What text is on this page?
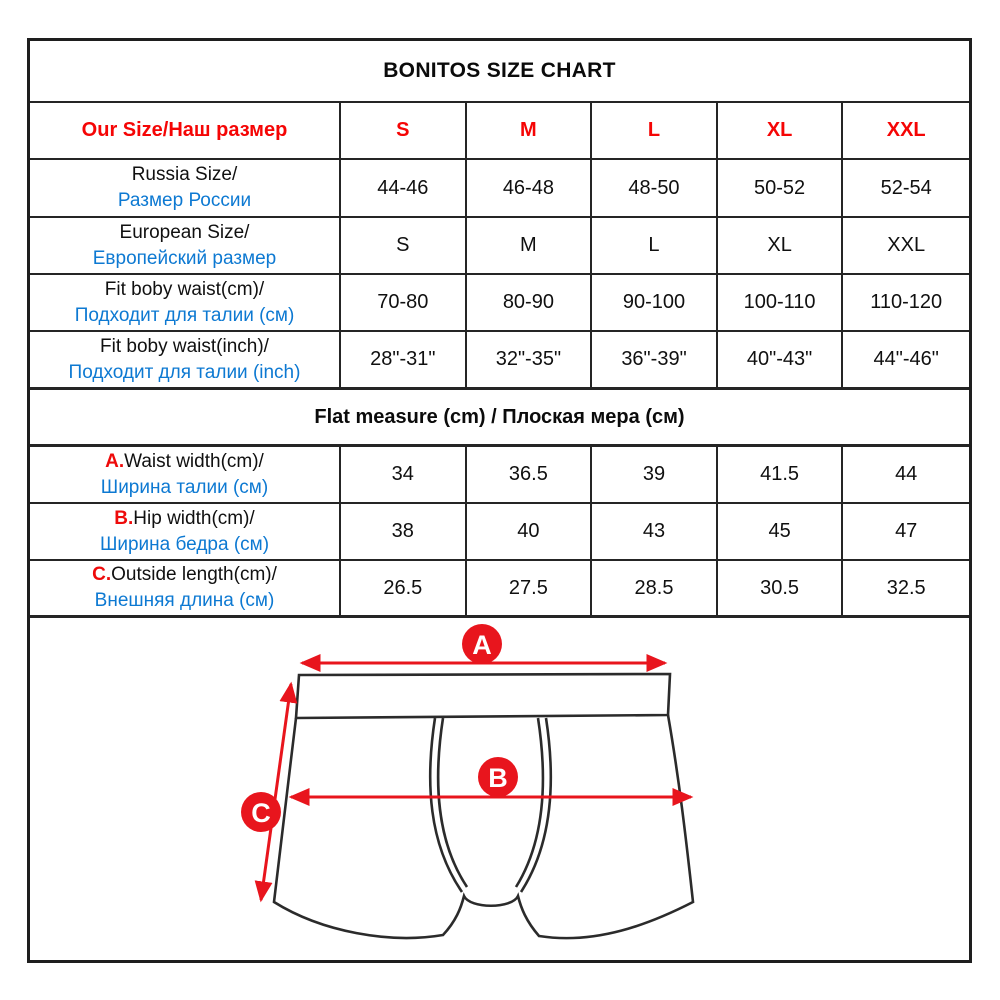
BONITOS SIZE CHART
Our Size/Наш размер	S	M	L	XL	XXL
Russia Size/
Размер России
44-46	46-48	48-50	50-52	52-54
European Size/
Европейский размер
S	M	L	XL	XXL
Fit boby waist(cm)/
Подходит для талии (см)
70-80	80-90	90-100	100-110	110-120
Fit boby waist(inch)/
Подходит для талии (inch)
28"-31"	32"-35"	36"-39"	40"-43"	44"-46"
Flat measure (cm) / Плоская мера (см)
A.Waist width(cm)/
Ширина талии (см)
34	36.5	39	41.5	44
B.Hip width(cm)/
Ширина бедра (см)
38	40	43	45	47
C.Outside length(cm)/
Внешняя длина (см)
26.5	27.5	28.5	30.5	32.5
A
B
C
